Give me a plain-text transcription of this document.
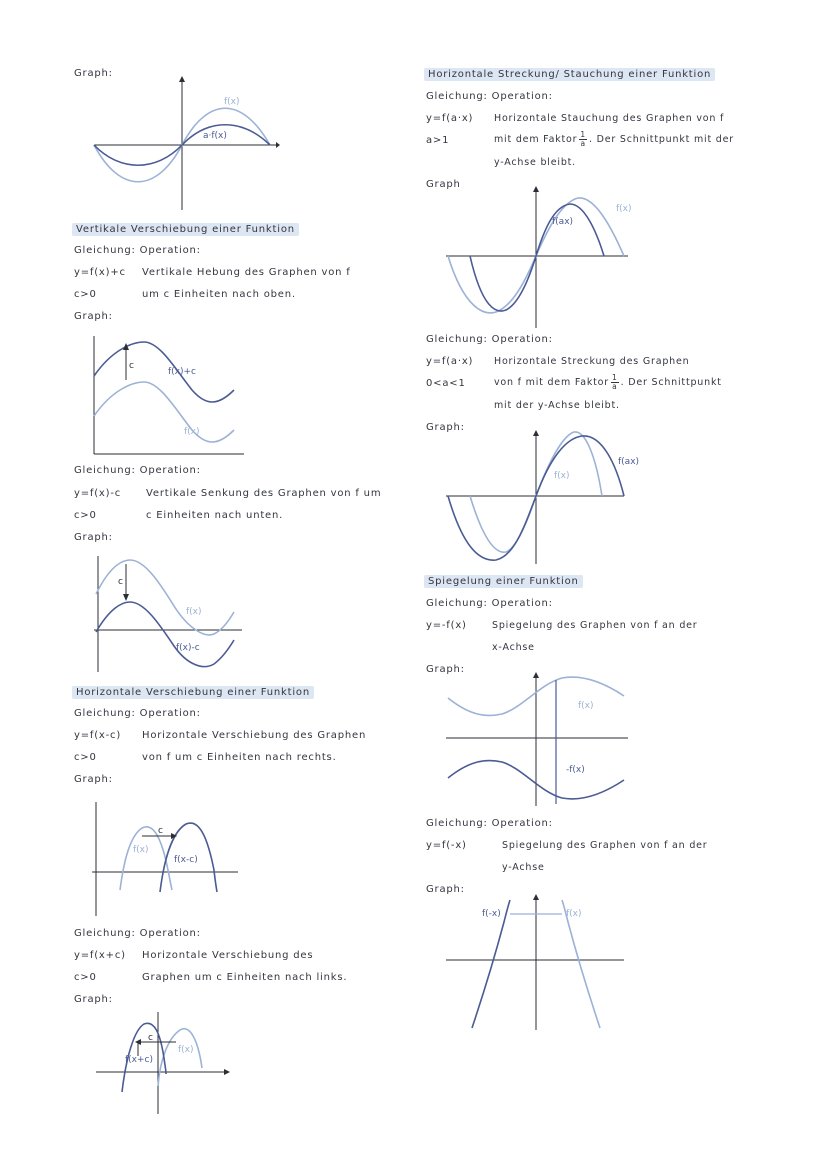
Graph:
f(x)
a·f(x)
Vertikale Verschiebung einer Funktion
Gleichung: Operation:
y=f(x)+c Vertikale Hebung des Graphen von f
c>0	um c Einheiten nach oben.
Graph:
c
f(x)+c
f(x)
Gleichung: Operation:
y=f(x)-c Vertikale Senkung des Graphen von f um
c>0	c Einheiten nach unten.
Graph:
c
f(x)
f(x)-c
Horizontale Verschiebung einer Funktion
Gleichung: Operation:
y=f(x-c) Horizontale Verschiebung des Graphen
c>0	von f um c Einheiten nach rechts.
Graph:
c
f(x)
f(x-c)
Gleichung: Operation:
y=f(x+c) Horizontale Verschiebung des
c>0	Graphen um c Einheiten nach links.
Graph:
c
f(x+c)
f(x)
Horizontale Streckung/ Stauchung einer Funktion
Gleichung: Operation:
y=f(a·x) Horizontale Stauchung des Graphen von f
a>1	mit dem Faktor $\frac{1}{a}$ . Der Schnittpunkt mit der
y-Achse bleibt.
Graph
f(ax)
f(x)
Gleichung: Operation:
y=f(a·x) Horizontale Streckung des Graphen
0<a<1	von f mit dem Faktor $\frac{1}{a}$ . Der Schnittpunkt
mit der y-Achse bleibt.
Graph:
f(x)
f(ax)
Spiegelung einer Funktion
Gleichung: Operation:
y=-f(x)	Spiegelung des Graphen von f an der
x-Achse
Graph:
f(x)
-f(x)
Gleichung: Operation:
y=f(-x)	Spiegelung des Graphen von f an der
y-Achse
Graph:
f(-x)	f(x)
